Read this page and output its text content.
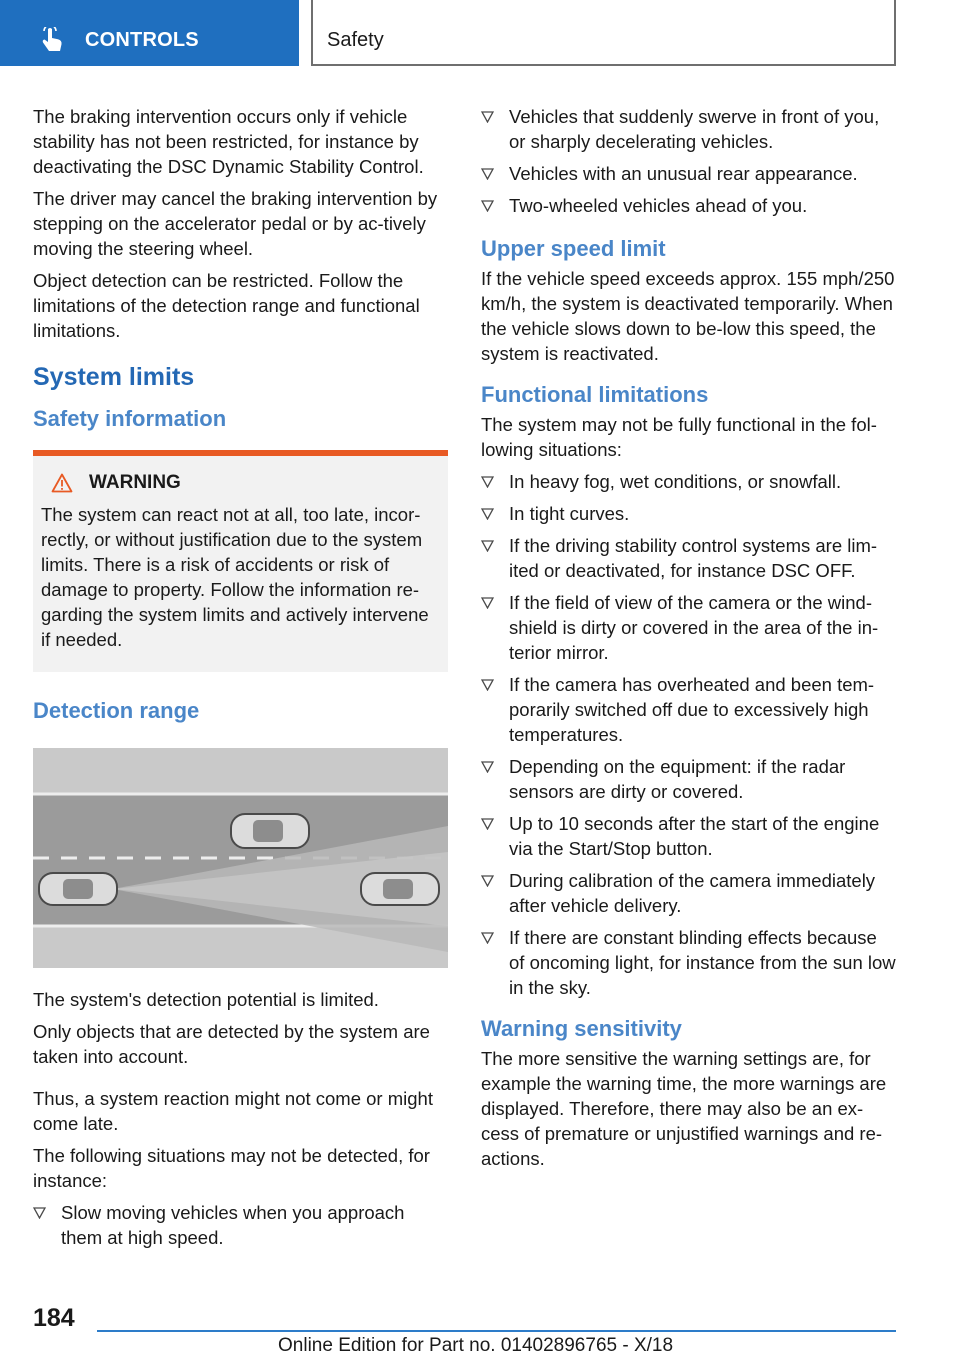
CONTROLS	Safety

The braking intervention occurs only if vehicle stability has not been restricted, for instance by deactivating the DSC Dynamic Stability Control.

The driver may cancel the braking intervention by stepping on the accelerator pedal or by ac-tively moving the steering wheel.

Object detection can be restricted. Follow the limitations of the detection range and functional limitations.

System limits
Safety information
WARNING
The system can react not at all, too late, incor-rectly, or without justification due to the system limits. There is a risk of accidents or risk of damage to property. Follow the information re-garding the system limits and actively intervene if needed.
Detection range

The system's detection potential is limited.

Only objects that are detected by the system are taken into account.

Thus, a system reaction might not come or might come late.

The following situations may not be detected, for instance:

Slow moving vehicles when you approach them at high speed.
Vehicles that suddenly swerve in front of you, or sharply decelerating vehicles.
Vehicles with an unusual rear appearance.
Two-wheeled vehicles ahead of you.
Upper speed limit

If the vehicle speed exceeds approx. 155 mph/250 km/h, the system is deactivated temporarily. When the vehicle slows down to be-low this speed, the system is reactivated.

Functional limitations

The system may not be fully functional in the fol-lowing situations:

In heavy fog, wet conditions, or snowfall.
In tight curves.
If the driving stability control systems are lim-ited or deactivated, for instance DSC OFF.
If the field of view of the camera or the wind-shield is dirty or covered in the area of the in-terior mirror.
If the camera has overheated and been tem-porarily switched off due to excessively high temperatures.
Depending on the equipment: if the radar sensors are dirty or covered.
Up to 10 seconds after the start of the engine via the Start/Stop button.
During calibration of the camera immediately after vehicle delivery.
If there are constant blinding effects because of oncoming light, for instance from the sun low in the sky.
Warning sensitivity

The more sensitive the warning settings are, for example the warning time, the more warnings are displayed. Therefore, there may also be an ex-cess of premature or unjustified warnings and re-actions.

184
Online Edition for Part no. 01402896765 - X/18
